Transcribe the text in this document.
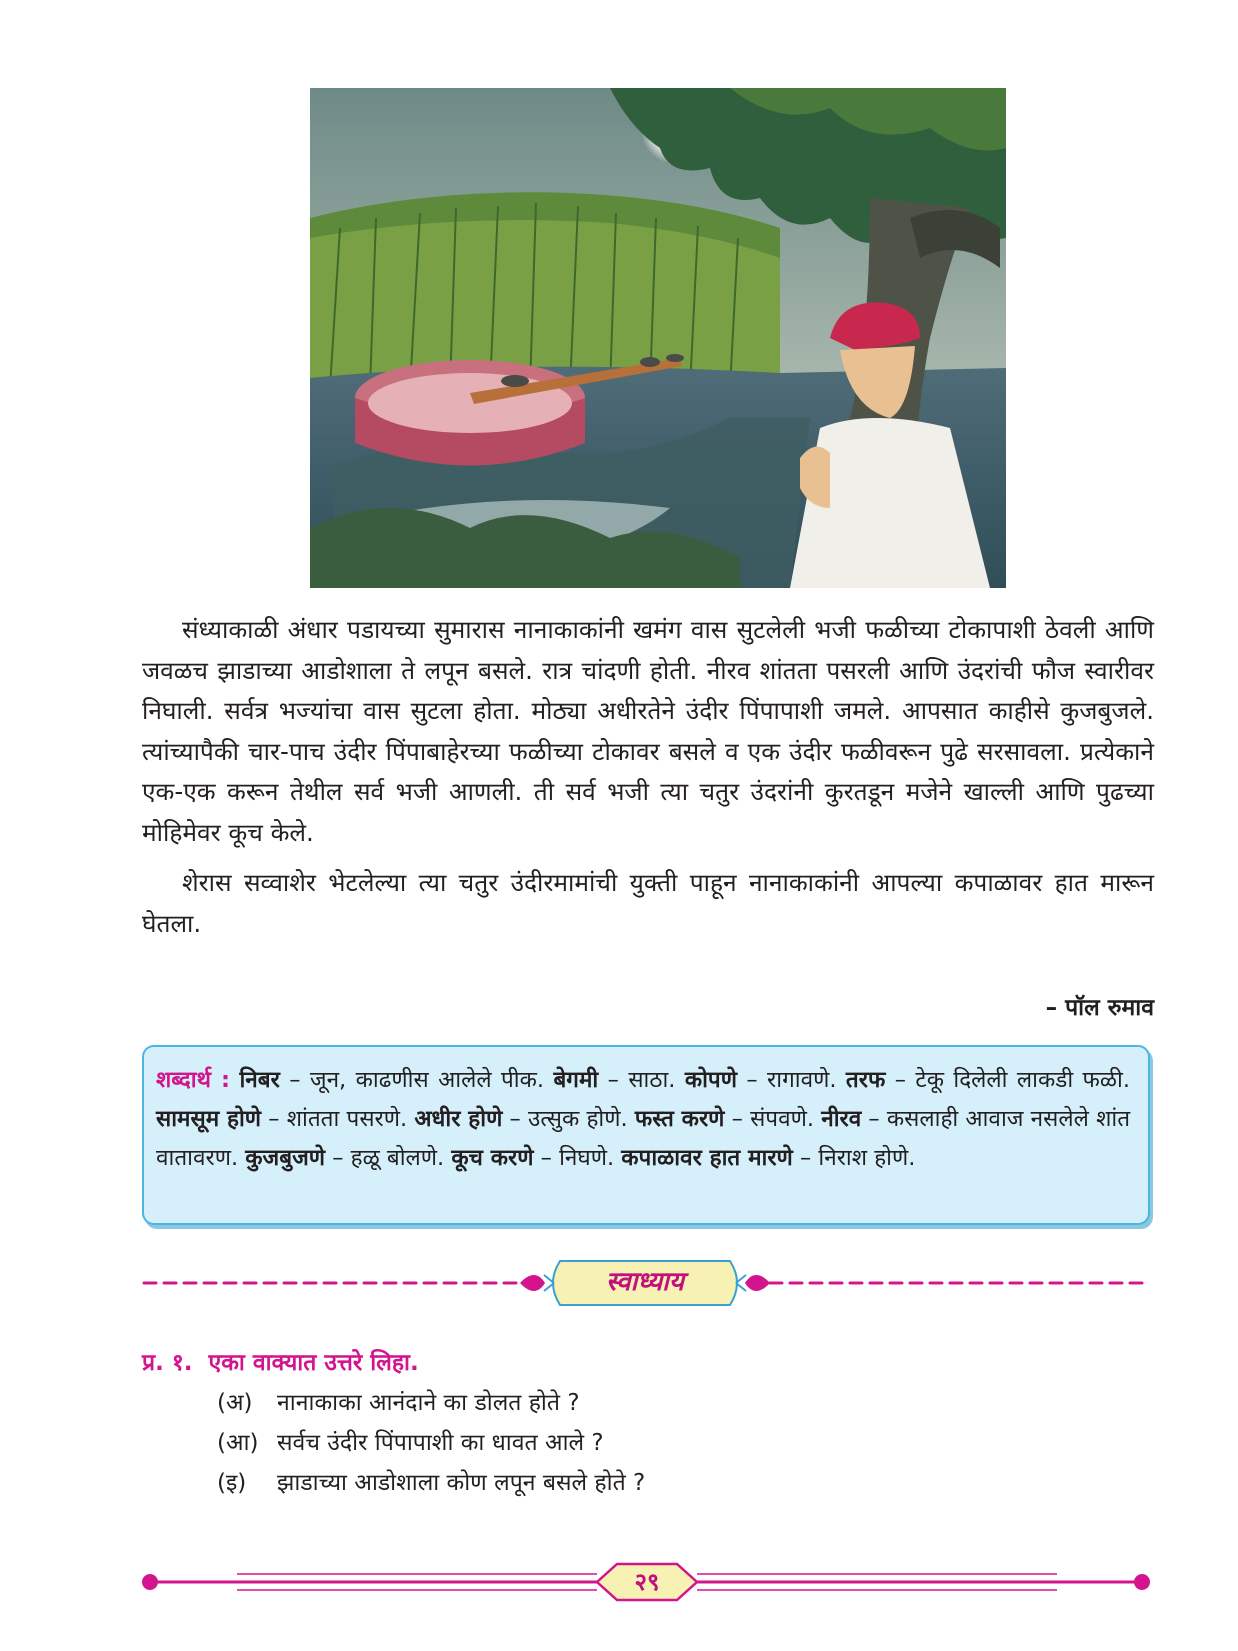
संध्याकाळी अंधार पडायच्या सुमारास नानाकाकांनी खमंग वास सुटलेली भजी फळीच्या टोकापाशी ठेवली आणि जवळच झाडाच्या आडोशाला ते लपून बसले. रात्र चांदणी होती. नीरव शांतता पसरली आणि उंदरांची फौज स्वारीवर निघाली. सर्वत्र भज्यांचा वास सुटला होता. मोठ्या अधीरतेने उंदीर पिंपापाशी जमले. आपसात काहीसे कुजबुजले. त्यांच्यापैकी चार-पाच उंदीर पिंपाबाहेरच्या फळीच्या टोकावर बसले व एक उंदीर फळीवरून पुढे सरसावला. प्रत्येकाने एक-एक करून तेथील सर्व भजी आणली. ती सर्व भजी त्या चतुर उंदरांनी कुरतडून मजेने खाल्ली आणि पुढच्या मोहिमेवर कूच केले.

शेरास सव्वाशेर भेटलेल्या त्या चतुर उंदीरमामांची युक्ती पाहून नानाकाकांनी आपल्या कपाळावर हात मारून घेतला.

– पॉल रुमाव
शब्दार्थ : निबर – जून, काढणीस आलेले पीक. बेगमी – साठा. कोपणे – रागावणे. तरफ – टेकू दिलेली लाकडी फळी. सामसूम होणे – शांतता पसरणे. अधीर होणे – उत्सुक होणे. फस्त करणे – संपवणे. नीरव – कसलाही आवाज नसलेले शांत वातावरण. कुजबुजणे – हळू बोलणे. कूच करणे – निघणे. कपाळावर हात मारणे – निराश होणे.
स्वाध्याय
प्र. १. एका वाक्यात उत्तरे लिहा.
(अ) नानाकाका आनंदाने का डोलत होते ?
(आ) सर्वच उंदीर पिंपापाशी का धावत आले ?
(इ) झाडाच्या आडोशाला कोण लपून बसले होते ?
२९
